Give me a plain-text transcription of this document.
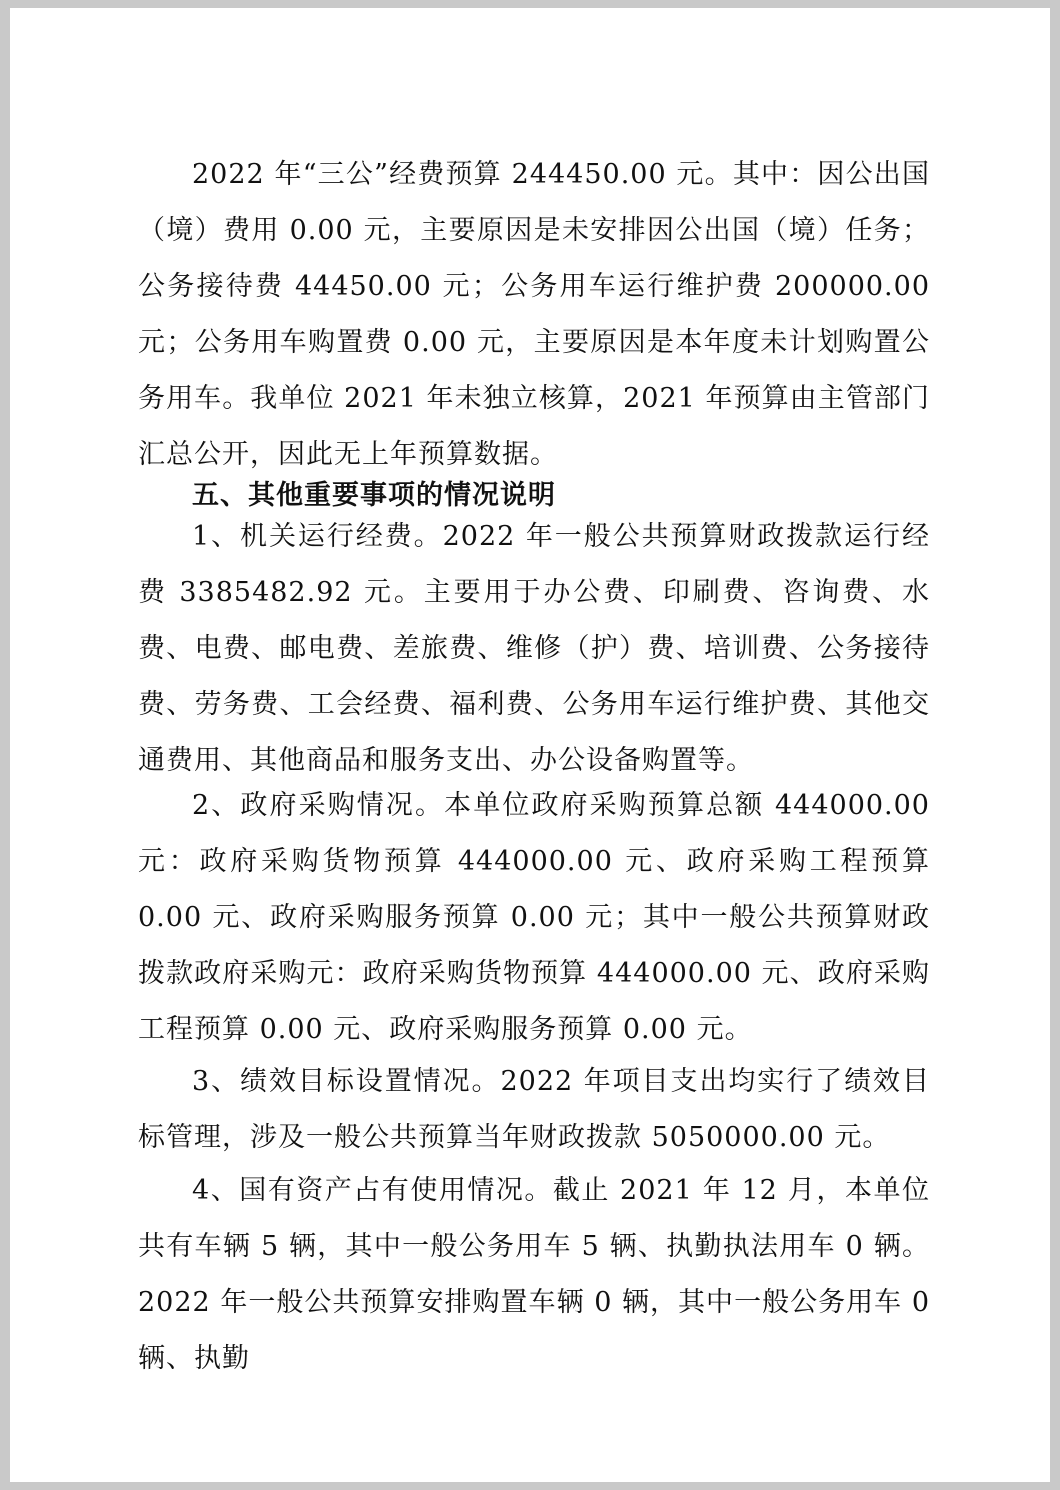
2022 年“三公”经费预算 244450.00 元。其中：因公出国（境）费用 0.00 元，主要原因是未安排因公出国（境）任务；公务接待费 44450.00 元；公务用车运行维护费 200000.00 元；公务用车购置费 0.00 元，主要原因是本年度未计划购置公务用车。我单位 2021 年未独立核算，2021 年预算由主管部门汇总公开，因此无上年预算数据。

五、其他重要事项的情况说明

1、机关运行经费。2022 年一般公共预算财政拨款运行经费 3385482.92 元。主要用于办公费、印刷费、咨询费、水费、电费、邮电费、差旅费、维修（护）费、培训费、公务接待费、劳务费、工会经费、福利费、公务用车运行维护费、其他交通费用、其他商品和服务支出、办公设备购置等。

2、政府采购情况。本单位政府采购预算总额 444000.00 元：政府采购货物预算 444000.00 元、政府采购工程预算 0.00 元、政府采购服务预算 0.00 元；其中一般公共预算财政拨款政府采购元：政府采购货物预算 444000.00 元、政府采购工程预算 0.00 元、政府采购服务预算 0.00 元。

3、绩效目标设置情况。2022 年项目支出均实行了绩效目标管理，涉及一般公共预算当年财政拨款 5050000.00 元。

4、国有资产占有使用情况。截止 2021 年 12 月，本单位共有车辆 5 辆，其中一般公务用车 5 辆、执勤执法用车 0 辆。2022 年一般公共预算安排购置车辆 0 辆，其中一般公务用车 0 辆、执勤
